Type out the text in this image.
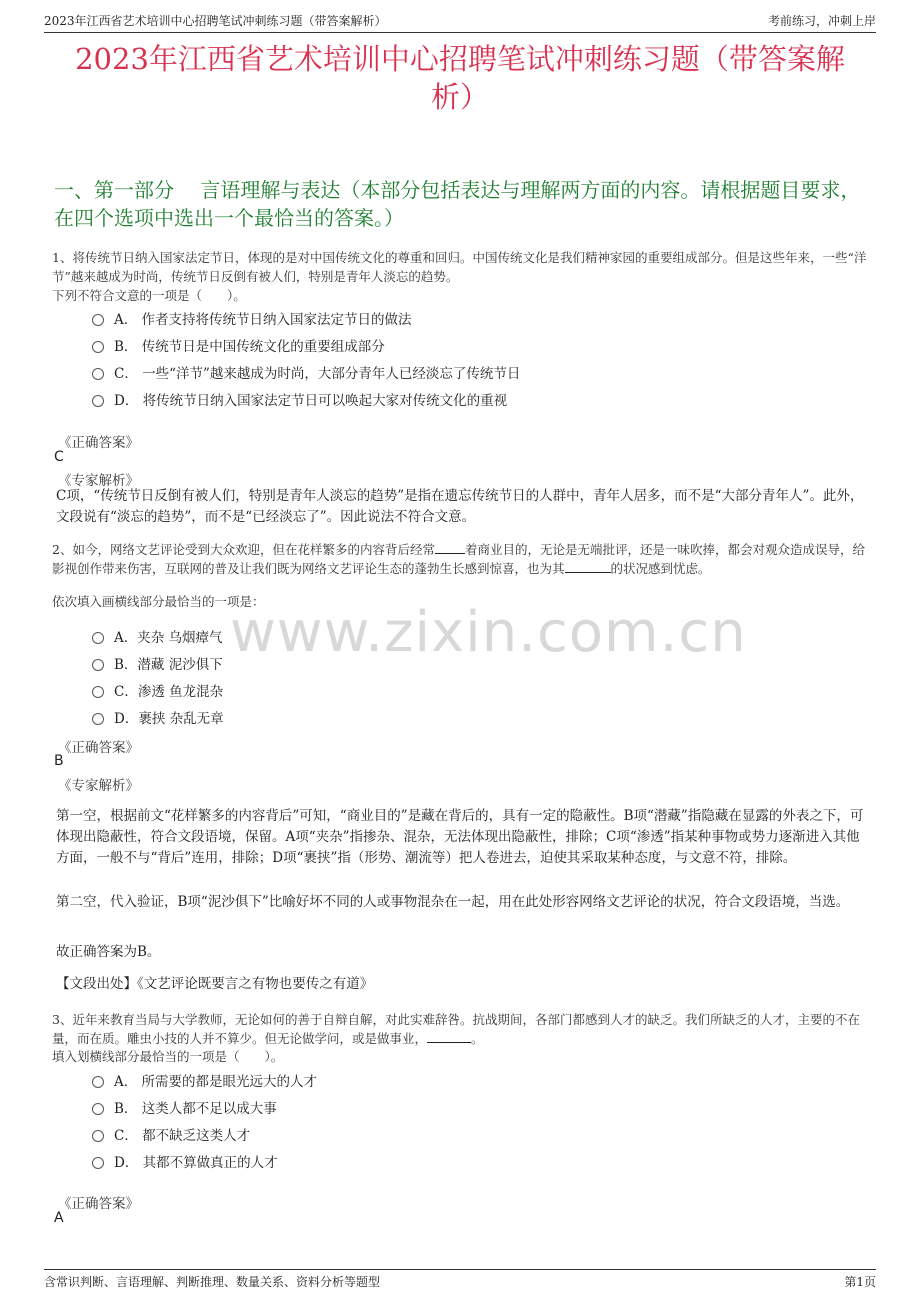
2023年江西省艺术培训中心招聘笔试冲刺练习题（带答案解析）	考前练习，冲刺上岸
2023年江西省艺术培训中心招聘笔试冲刺练习题（带答案解析）
一、第一部分　 言语理解与表达（本部分包括表达与理解两方面的内容。请根据题目要求，在四个选项中选出一个最恰当的答案。）
1、将传统节日纳入国家法定节日，体现的是对中国传统文化的尊重和回归。中国传统文化是我们精神家园的重要组成部分。但是这些年来，一些“洋节”越来越成为时尚，传统节日反倒有被人们，特别是青年人淡忘的趋势。
下列不符合文意的一项是（　　）。
A． 作者支持将传统节日纳入国家法定节日的做法
B． 传统节日是中国传统文化的重要组成部分
C． 一些“洋节”越来越成为时尚，大部分青年人已经淡忘了传统节日
D． 将传统节日纳入国家法定节日可以唤起大家对传统文化的重视
《正确答案》
C
《专家解析》
C项，“传统节日反倒有被人们，特别是青年人淡忘的趋势”是指在遗忘传统节日的人群中，青年人居多，而不是“大部分青年人”。此外，文段说有“淡忘的趋势”，而不是“已经淡忘了”。因此说法不符合文意。
2、如今，网络文艺评论受到大众欢迎，但在花样繁多的内容背后经常 着商业目的，无论是无端批评，还是一味吹捧，都会对观众造成误导，给影视创作带来伤害，互联网的普及让我们既为网络文艺评论生态的蓬勃生长感到惊喜，也为其	的状况感到忧虑。
依次填入画横线部分最恰当的一项是：
A．夹杂 乌烟瘴气
B．潜藏 泥沙俱下
C．渗透 鱼龙混杂
D．裹挟 杂乱无章
《正确答案》
B
《专家解析》
第一空，根据前文“花样繁多的内容背后”可知，“商业目的”是藏在背后的，具有一定的隐蔽性。B项“潜藏”指隐藏在显露的外表之下，可体现出隐蔽性，符合文段语境，保留。A项“夹杂”指掺杂、混杂，无法体现出隐蔽性，排除；C项“渗透”指某种事物或势力逐渐进入其他方面，一般不与“背后”连用，排除；D项“裹挟”指（形势、潮流等）把人卷进去，迫使其采取某种态度，与文意不符，排除。
第二空，代入验证，B项“泥沙俱下”比喻好坏不同的人或事物混杂在一起，用在此处形容网络文艺评论的状况，符合文段语境，当选。
故正确答案为B。
【文段出处】《文艺评论既要言之有物也要传之有道》
3、近年来教育当局与大学教师，无论如何的善于自辩自解，对此实难辞咎。抗战期间，各部门都感到人才的缺乏。我们所缺乏的人才，主要的不在量，而在质。雕虫小技的人并不算少。但无论做学问，或是做事业，	。
填入划横线部分最恰当的一项是（　　）。
A． 所需要的都是眼光远大的人才
B． 这类人都不足以成大事
C． 都不缺乏这类人才
D． 其都不算做真正的人才
《正确答案》
A
www.zixin.com.cn
含常识判断、言语理解、判断推理、数量关系、资料分析等题型	第1页
